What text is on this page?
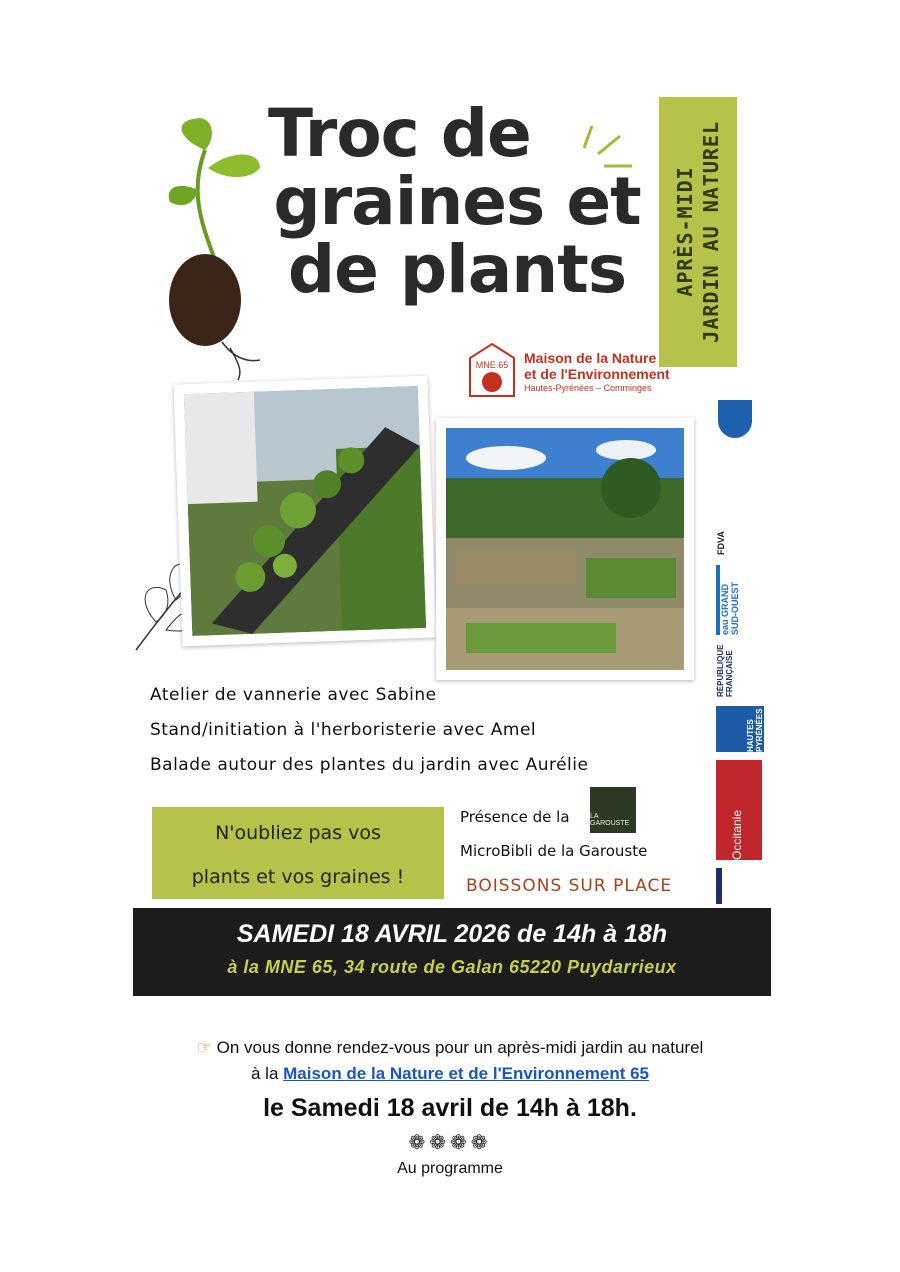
Troc de
graines et
de plants	APRÈS-MIDI JARDIN AU NATUREL
MNE 65 Maison de la Nature
et de l'Environnement
Hautes-Pyrénées – Comminges
Atelier de vannerie avec Sabine
Stand/initiation à l'herboristerie avec Amel
Balade autour des plantes du jardin avec Aurélie
N'oubliez pas vos
plants et vos graines !
Présence de la
MicroBibli de la Garouste
LA GAROUSTE
BOISSONS SUR PLACE
SAMEDI 18 AVRIL 2026 de 14h à 18h
à la MNE 65, 34 route de Galan 65220 Puydarrieux
FDVA
eau GRAND SUD-OUEST
RÉPUBLIQUE FRANÇAISE
HAUTES PYRÉNÉES
Occitanie
☞ On vous donne rendez-vous pour un après-midi jardin au naturel
à la Maison de la Nature et de l'Environnement 65
le Samedi 18 avril de 14h à 18h.
❁❁❁❁
Au programme
